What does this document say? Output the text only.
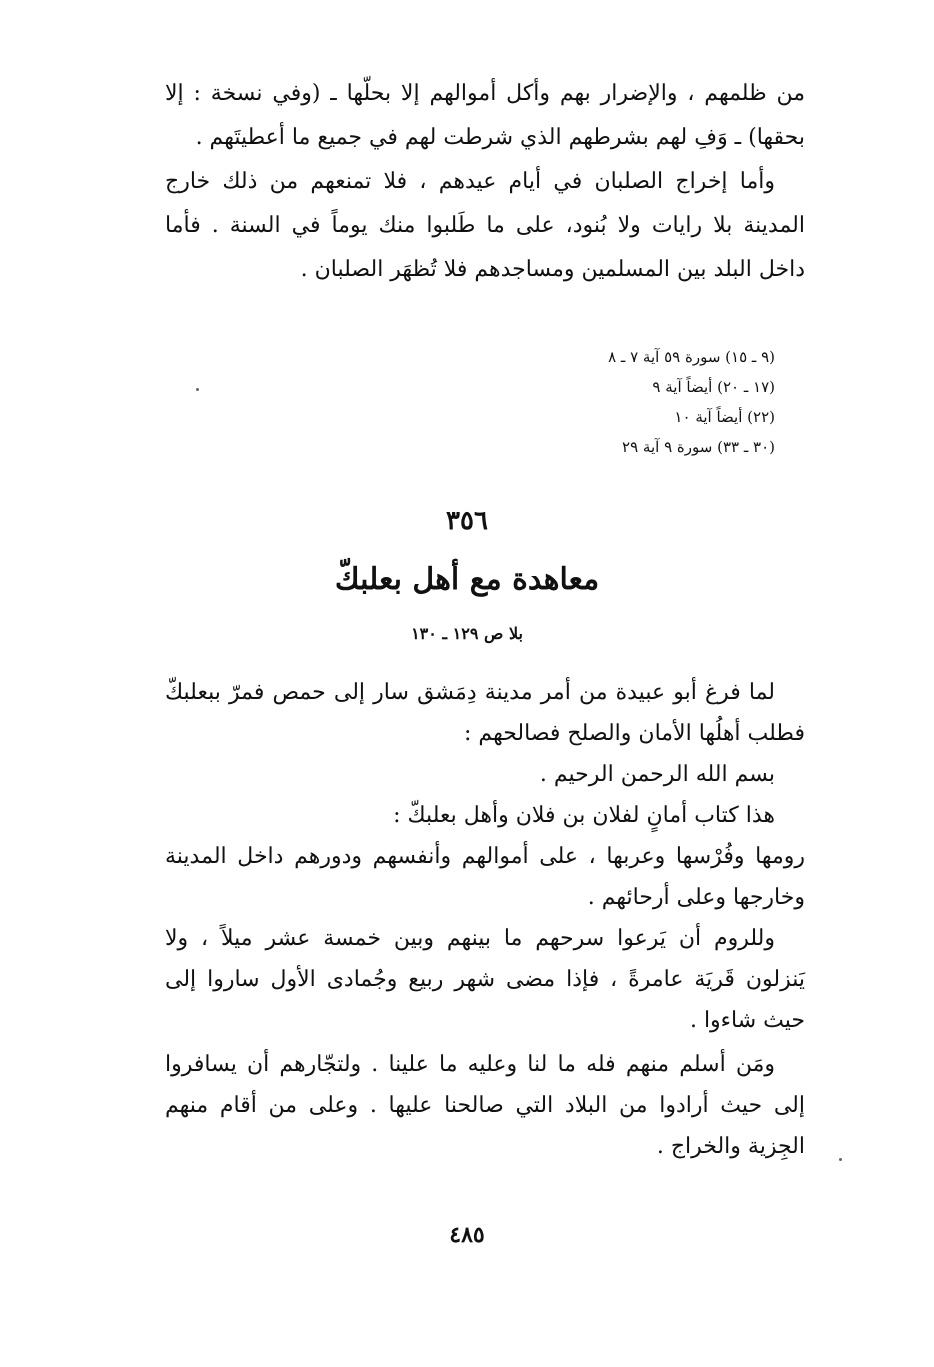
من ظلمهم ، والإضرار بهم وأكل أموالهم إلا بحلّها ـ (وفي نسخة : إلا بحقها) ـ وَفِ لهم بشرطهم الذي شرطت لهم في جميع ما أعطيتَهم .

وأما إخراج الصلبان في أيام عيدهم ، فلا تمنعهم من ذلك خارج المدينة بلا رايات ولا بُنود، على ما طَلبوا منك يوماً في السنة . فأما داخل البلد بين المسلمين ومساجدهم فلا تُظهَر الصلبان .

(٩ ـ ١٥) سورة ٥٩ آية ٧ ـ ٨
(١٧ ـ ٢٠) أيضاً آية ٩
(٢٢) أيضاً آية ١٠
(٣٠ ـ ٣٣) سورة ٩ آية ٢٩
٣٥٦
معاهدة مع أهل بعلبكّ
بلا ص ١٢٩ ـ ١٣٠

لما فرغ أبو عبيدة من أمر مدينة دِمَشق سار إلى حمص فمرّ ببعلبكّ فطلب أهلُها الأمان والصلح فصالحهم :

بسم الله الرحمن الرحيم .

هذا كتاب أمانٍ لفلان بن فلان وأهل بعلبكّ :

رومها وفُرْسها وعربها ، على أموالهم وأنفسهم ودورهم داخل المدينة وخارجها وعلى أرحائهم .

وللروم أن يَرعوا سرحهم ما بينهم وبين خمسة عشر ميلاً ، ولا يَنزلون قَريَة عامرةً ، فإذا مضى شهر ربيع وجُمادى الأول ساروا إلى حيث شاءوا .

ومَن أسلم منهم فله ما لنا وعليه ما علينا . ولتجّارهم أن يسافروا إلى حيث أرادوا من البلاد التي صالحنا عليها . وعلى من أقام منهم الجِزية والخراج .

٤٨٥
